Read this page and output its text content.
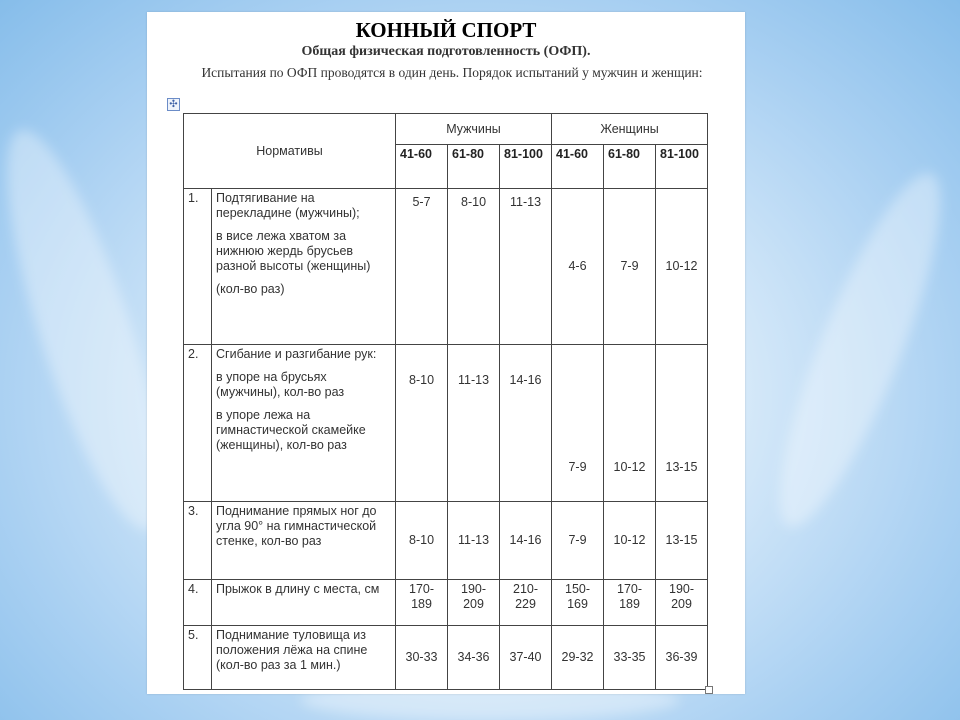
КОННЫЙ СПОРТ
Общая физическая подготовленность (ОФП).
Испытания по ОФП проводятся в один день. Порядок испытаний у мужчин и женщин:
✣
Нормативы		Мужчины			Женщины		
		41-60	61-80	81-100	41-60	61-80	81-100
1.	Подтягивание на перекладине (мужчины);

в висе лежа хватом за нижнюю жердь брусьев разной высоты (женщины)

(кол-во раз)	5-7	8-10	11-13	4-6	7-9	10-12
2.	Сгибание и разгибание рук:

в упоре на брусьях (мужчины), кол-во раз

в упоре лежа на гимнастической скамейке (женщины), кол-во раз	8-10	11-13	14-16	7-9	10-12	13-15
3.	Поднимание прямых ног до угла 90° на гимнастической стенке, кол-во раз	8-10	11-13	14-16	7-9	10-12	13-15
4.	Прыжок в длину с места, см	170-189	190-209	210-229	150-169	170-189	190-209
5.	Поднимание туловища из положения лёжа на спине (кол-во раз за 1 мин.)	30-33	34-36	37-40	29-32	33-35	36-39
